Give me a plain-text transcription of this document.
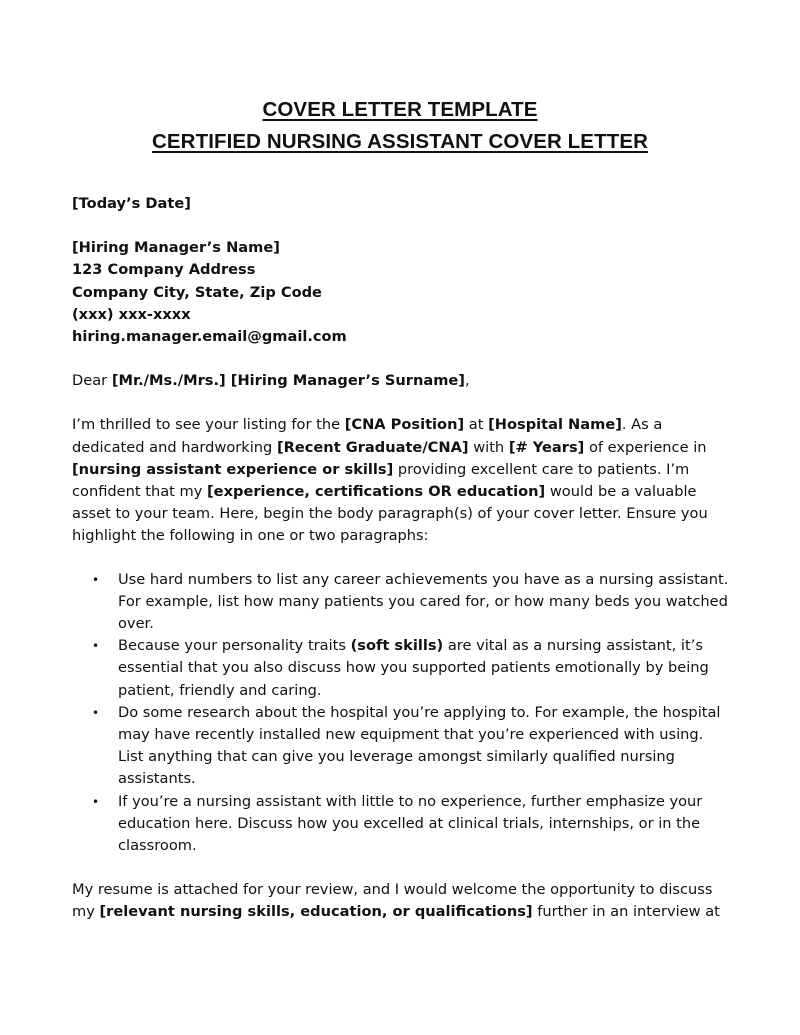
COVER LETTER TEMPLATE
CERTIFIED NURSING ASSISTANT COVER LETTER
[Today’s Date]
[Hiring Manager’s Name]
123 Company Address
Company City, State, Zip Code
(xxx) xxx-xxxx
hiring.manager.email@gmail.com
Dear [Mr./Ms./Mrs.] [Hiring Manager’s Surname],
I’m thrilled to see your listing for the [CNA Position] at [Hospital Name]. As a dedicated and hardworking [Recent Graduate/CNA] with [# Years] of experience in [nursing assistant experience or skills] providing excellent care to patients. I’m confident that my [experience, certifications OR education] would be a valuable asset to your team. Here, begin the body paragraph(s) of your cover letter. Ensure you highlight the following in one or two paragraphs:
• Use hard numbers to list any career achievements you have as a nursing assistant. For example, list how many patients you cared for, or how many beds you watched over.
• Because your personality traits (soft skills) are vital as a nursing assistant, it’s essential that you also discuss how you supported patients emotionally by being patient, friendly and caring.
• Do some research about the hospital you’re applying to. For example, the hospital may have recently installed new equipment that you’re experienced with using. List anything that can give you leverage amongst similarly qualified nursing assistants.
• If you’re a nursing assistant with little to no experience, further emphasize your education here. Discuss how you excelled at clinical trials, internships, or in the classroom.
My resume is attached for your review, and I would welcome the opportunity to discuss my [relevant nursing skills, education, or qualifications] further in an interview at
